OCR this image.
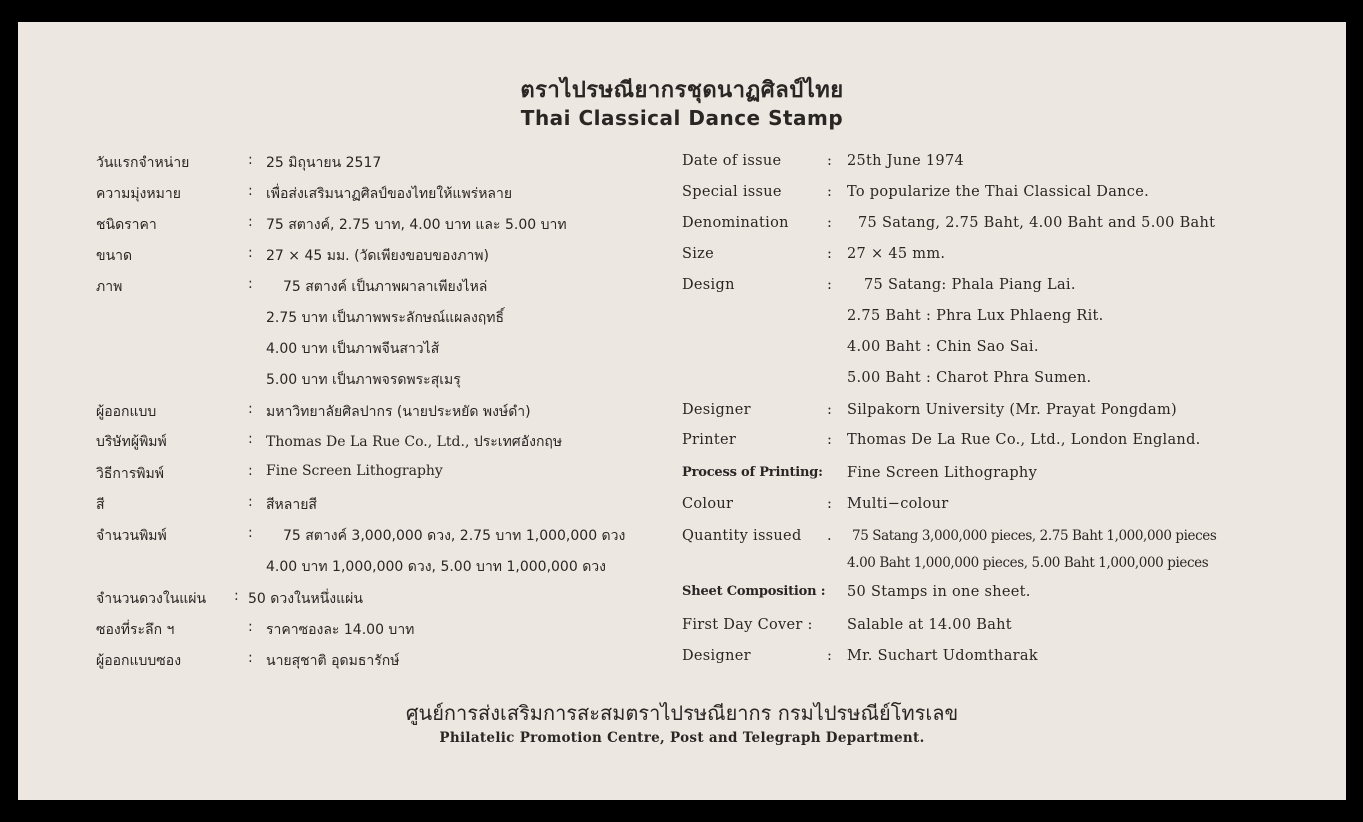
ตราไปรษณียากรชุดนาฏศิลป์ไทย
Thai Classical Dance Stamp
วันแรกจำหน่าย	: 25 มิถุนายน 2517
ความมุ่งหมาย	: เพื่อส่งเสริมนาฏศิลป์ของไทยให้แพร่หลาย
ชนิดราคา	: 75 สตางค์, 2.75 บาท, 4.00 บาท และ 5.00 บาท
ขนาด	: 27 × 45 มม. (วัดเพียงขอบของภาพ)
ภาพ	: 75 สตางค์ เป็นภาพผาลาเพียงไหล่
2.75 บาท เป็นภาพพระลักษณ์แผลงฤทธิ์
4.00 บาท เป็นภาพจีนสาวไส้
5.00 บาท เป็นภาพจรดพระสุเมรุ
ผู้ออกแบบ	: มหาวิทยาลัยศิลปากร (นายประหยัด พงษ์ดำ)
บริษัทผู้พิมพ์	: Thomas De La Rue Co., Ltd., ประเทศอังกฤษ
วิธีการพิมพ์	: Fine Screen Lithography
สี	: สีหลายสี
จำนวนพิมพ์	: 75 สตางค์ 3,000,000 ดวง, 2.75 บาท 1,000,000 ดวง
4.00 บาท 1,000,000 ดวง, 5.00 บาท 1,000,000 ดวง
จำนวนดวงในแผ่น : 50 ดวงในหนึ่งแผ่น
ซองที่ระลึก ฯ	: ราคาซองละ 14.00 บาท
ผู้ออกแบบซอง	: นายสุชาติ อุดมธารักษ์
Date of issue	: 25th June 1974
Special issue	: To popularize the Thai Classical Dance.
Denomination	: 75 Satang, 2.75 Baht, 4.00 Baht and 5.00 Baht
Size	: 27 × 45 mm.
Design	: 75 Satang: Phala Piang Lai.
2.75 Baht : Phra Lux Phlaeng Rit.
4.00 Baht : Chin Sao Sai.
5.00 Baht : Charot Phra Sumen.
Designer	: Silpakorn University (Mr. Prayat Pongdam)
Printer	: Thomas De La Rue Co., Ltd., London England.
Process of Printing: Fine Screen Lithography
Colour	: Multi−colour
Quantity issued . 75 Satang 3,000,000 pieces, 2.75 Baht 1,000,000 pieces
4.00 Baht 1,000,000 pieces, 5.00 Baht 1,000,000 pieces
Sheet Composition : 50 Stamps in one sheet.
First Day Cover : Salable at 14.00 Baht
Designer	: Mr. Suchart Udomtharak
ศูนย์การส่งเสริมการสะสมตราไปรษณียากร กรมไปรษณีย์โทรเลข
Philatelic Promotion Centre, Post and Telegraph Department.
